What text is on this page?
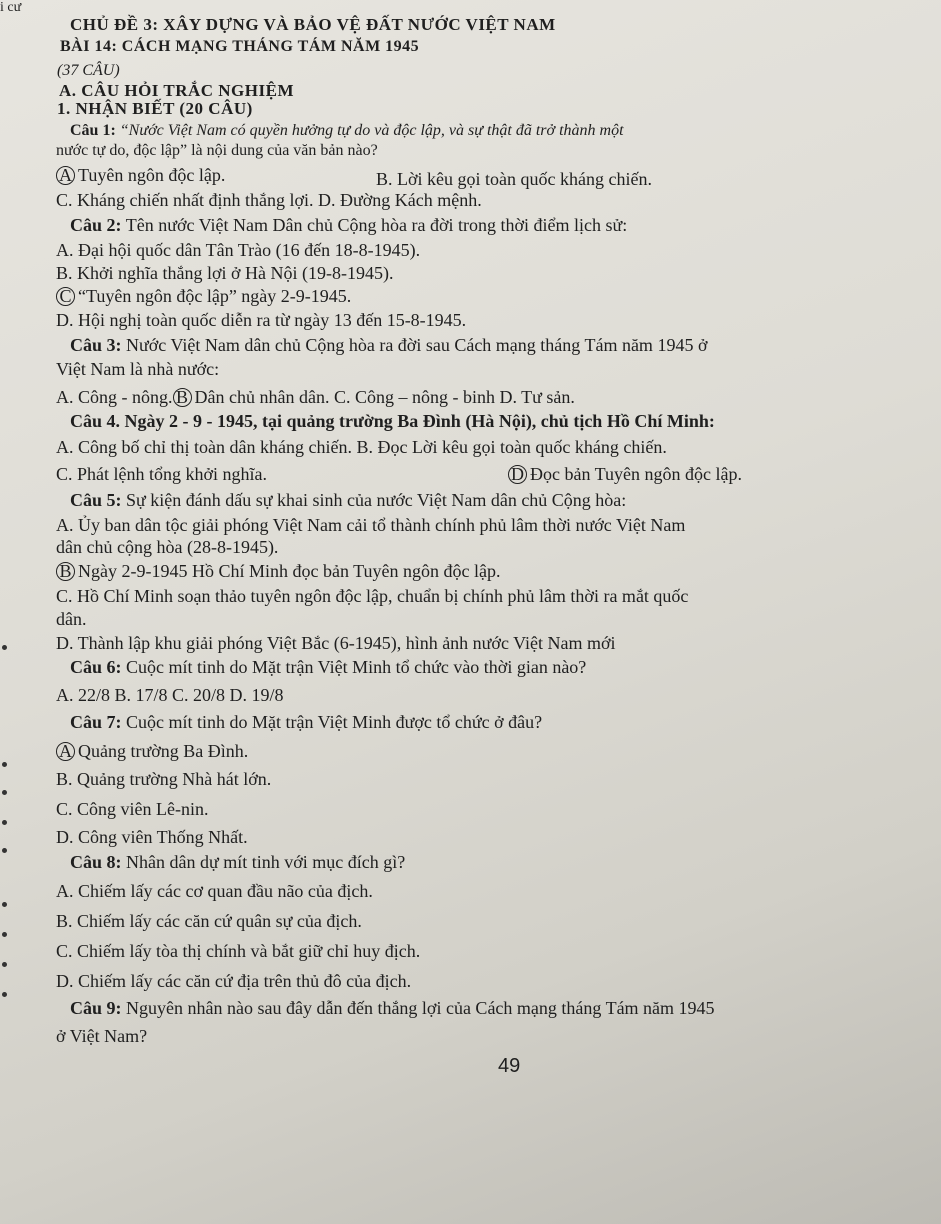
i cư
CHỦ ĐỀ 3: XÂY DỰNG VÀ BẢO VỆ ĐẤT NƯỚC VIỆT NAM
BÀI 14: CÁCH MẠNG THÁNG TÁM NĂM 1945
(37 CÂU)
A. CÂU HỎI TRẮC NGHIỆM
1. NHẬN BIẾT (20 CÂU)
Câu 1: “Nước Việt Nam có quyền hưởng tự do và độc lập, và sự thật đã trở thành một
nước tự do, độc lập” là nội dung của văn bản nào?
A Tuyên ngôn độc lập.	B. Lời kêu gọi toàn quốc kháng chiến.
C. Kháng chiến nhất định thắng lợi. D. Đường Kách mệnh.
Câu 2: Tên nước Việt Nam Dân chủ Cộng hòa ra đời trong thời điểm lịch sử:
A. Đại hội quốc dân Tân Trào (16 đến 18-8-1945).
B. Khởi nghĩa thắng lợi ở Hà Nội (19-8-1945).
C “Tuyên ngôn độc lập” ngày 2-9-1945.
D. Hội nghị toàn quốc diễn ra từ ngày 13 đến 15-8-1945.
Câu 3: Nước Việt Nam dân chủ Cộng hòa ra đời sau Cách mạng tháng Tám năm 1945 ở
Việt Nam là nhà nước:
A. Công - nông. B Dân chủ nhân dân. C. Công – nông - binh D. Tư sản.
Câu 4. Ngày 2 - 9 - 1945, tại quảng trường Ba Đình (Hà Nội), chủ tịch Hồ Chí Minh:
A. Công bố chỉ thị toàn dân kháng chiến. B. Đọc Lời kêu gọi toàn quốc kháng chiến.
C. Phát lệnh tổng khởi nghĩa.	D Đọc bản Tuyên ngôn độc lập.
Câu 5: Sự kiện đánh dấu sự khai sinh của nước Việt Nam dân chủ Cộng hòa:
A. Ủy ban dân tộc giải phóng Việt Nam cải tổ thành chính phủ lâm thời nước Việt Nam
dân chủ cộng hòa (28-8-1945).
B Ngày 2-9-1945 Hồ Chí Minh đọc bản Tuyên ngôn độc lập.
C. Hồ Chí Minh soạn thảo tuyên ngôn độc lập, chuẩn bị chính phủ lâm thời ra mắt quốc
dân.
D. Thành lập khu giải phóng Việt Bắc (6-1945), hình ảnh nước Việt Nam mới
Câu 6: Cuộc mít tinh do Mặt trận Việt Minh tổ chức vào thời gian nào?
A. 22/8 B. 17/8 C. 20/8 D. 19/8
Câu 7: Cuộc mít tinh do Mặt trận Việt Minh được tổ chức ở đâu?
A Quảng trường Ba Đình.
B. Quảng trường Nhà hát lớn.
C. Công viên Lê-nin.
D. Công viên Thống Nhất.
Câu 8: Nhân dân dự mít tinh với mục đích gì?
A. Chiếm lấy các cơ quan đầu não của địch.
B. Chiếm lấy các căn cứ quân sự của địch.
C. Chiếm lấy tòa thị chính và bắt giữ chỉ huy địch.
D. Chiếm lấy các căn cứ địa trên thủ đô của địch.
Câu 9: Nguyên nhân nào sau đây dẫn đến thắng lợi của Cách mạng tháng Tám năm 1945
ở Việt Nam?
49
